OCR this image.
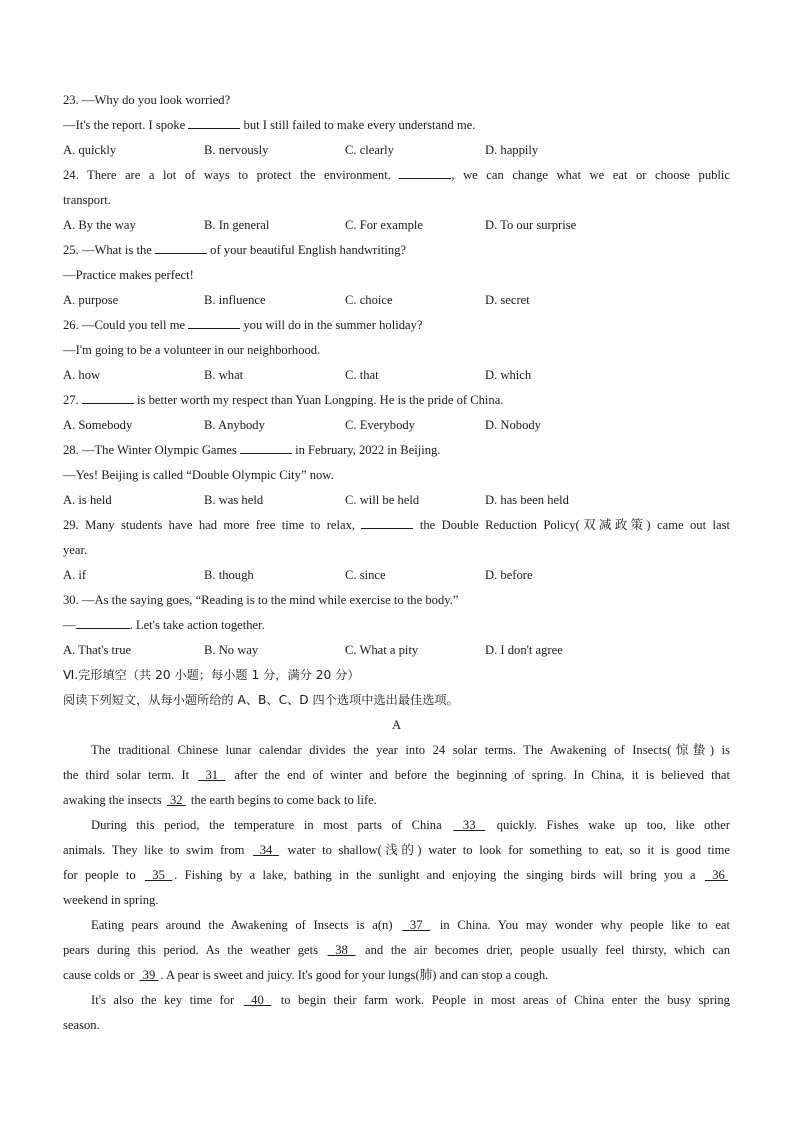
23. —Why do you look worried?
—It's the report. I spoke	but I still failed to make every understand me.
A. quickly	B. nervously	C. clearly	D. happily
24. There are a lot of ways to protect the environment.	, we can change what we eat or choose public
transport.
A. By the way	B. In general	C. For example	D. To our surprise
25. —What is the	of your beautiful English handwriting?
—Practice makes perfect!
A. purpose	B. influence	C. choice	D. secret
26. —Could you tell me	you will do in the summer holiday?
—I'm going to be a volunteer in our neighborhood.
A. how	B. what	C. that	D. which
27.	is better worth my respect than Yuan Longping. He is the pride of China.
A. Somebody	B. Anybody	C. Everybody	D. Nobody
28. —The Winter Olympic Games	in February, 2022 in Beijing.
—Yes! Beijing is called “Double Olympic City” now.
A. is held	B. was held	C. will be held	D. has been held
29. Many students have had more free time to relax,	the Double Reduction Policy(双减政策) came out last
year.
A. if	B. though	C. since	D. before
30. —As the saying goes, “Reading is to the mind while exercise to the body.”
—	. Let's take action together.
A. That's true	B. No way	C. What a pity	D. I don't agree
Ⅵ.完形填空（共 20 小题；每小题 1 分，满分 20 分）
阅读下列短文，从每小题所给的 A、B、C、D 四个选项中选出最佳选项。
A
The traditional Chinese lunar calendar divides the year into 24 solar terms. The Awakening of Insects(惊蛰) is
the third solar term. It  31  after the end of winter and before the beginning of spring. In China, it is believed that
awaking the insects  32  the earth begins to come back to life.
During this period, the temperature in most parts of China  33  quickly. Fishes wake up too, like other
animals. They like to swim from  34  water to shallow(浅的) water to look for something to eat, so it is good time
for people to  35 . Fishing by a lake, bathing in the sunlight and enjoying the singing birds will bring you a  36
weekend in spring.
Eating pears around the Awakening of Insects is a(n)  37  in China. You may wonder why people like to eat
pears during this period. As the weather gets  38  and the air becomes drier, people usually feel thirsty, which can
cause colds or  39 . A pear is sweet and juicy. It's good for your lungs(肺) and can stop a cough.
It's also the key time for  40  to begin their farm work. People in most areas of China enter the busy spring
season.
